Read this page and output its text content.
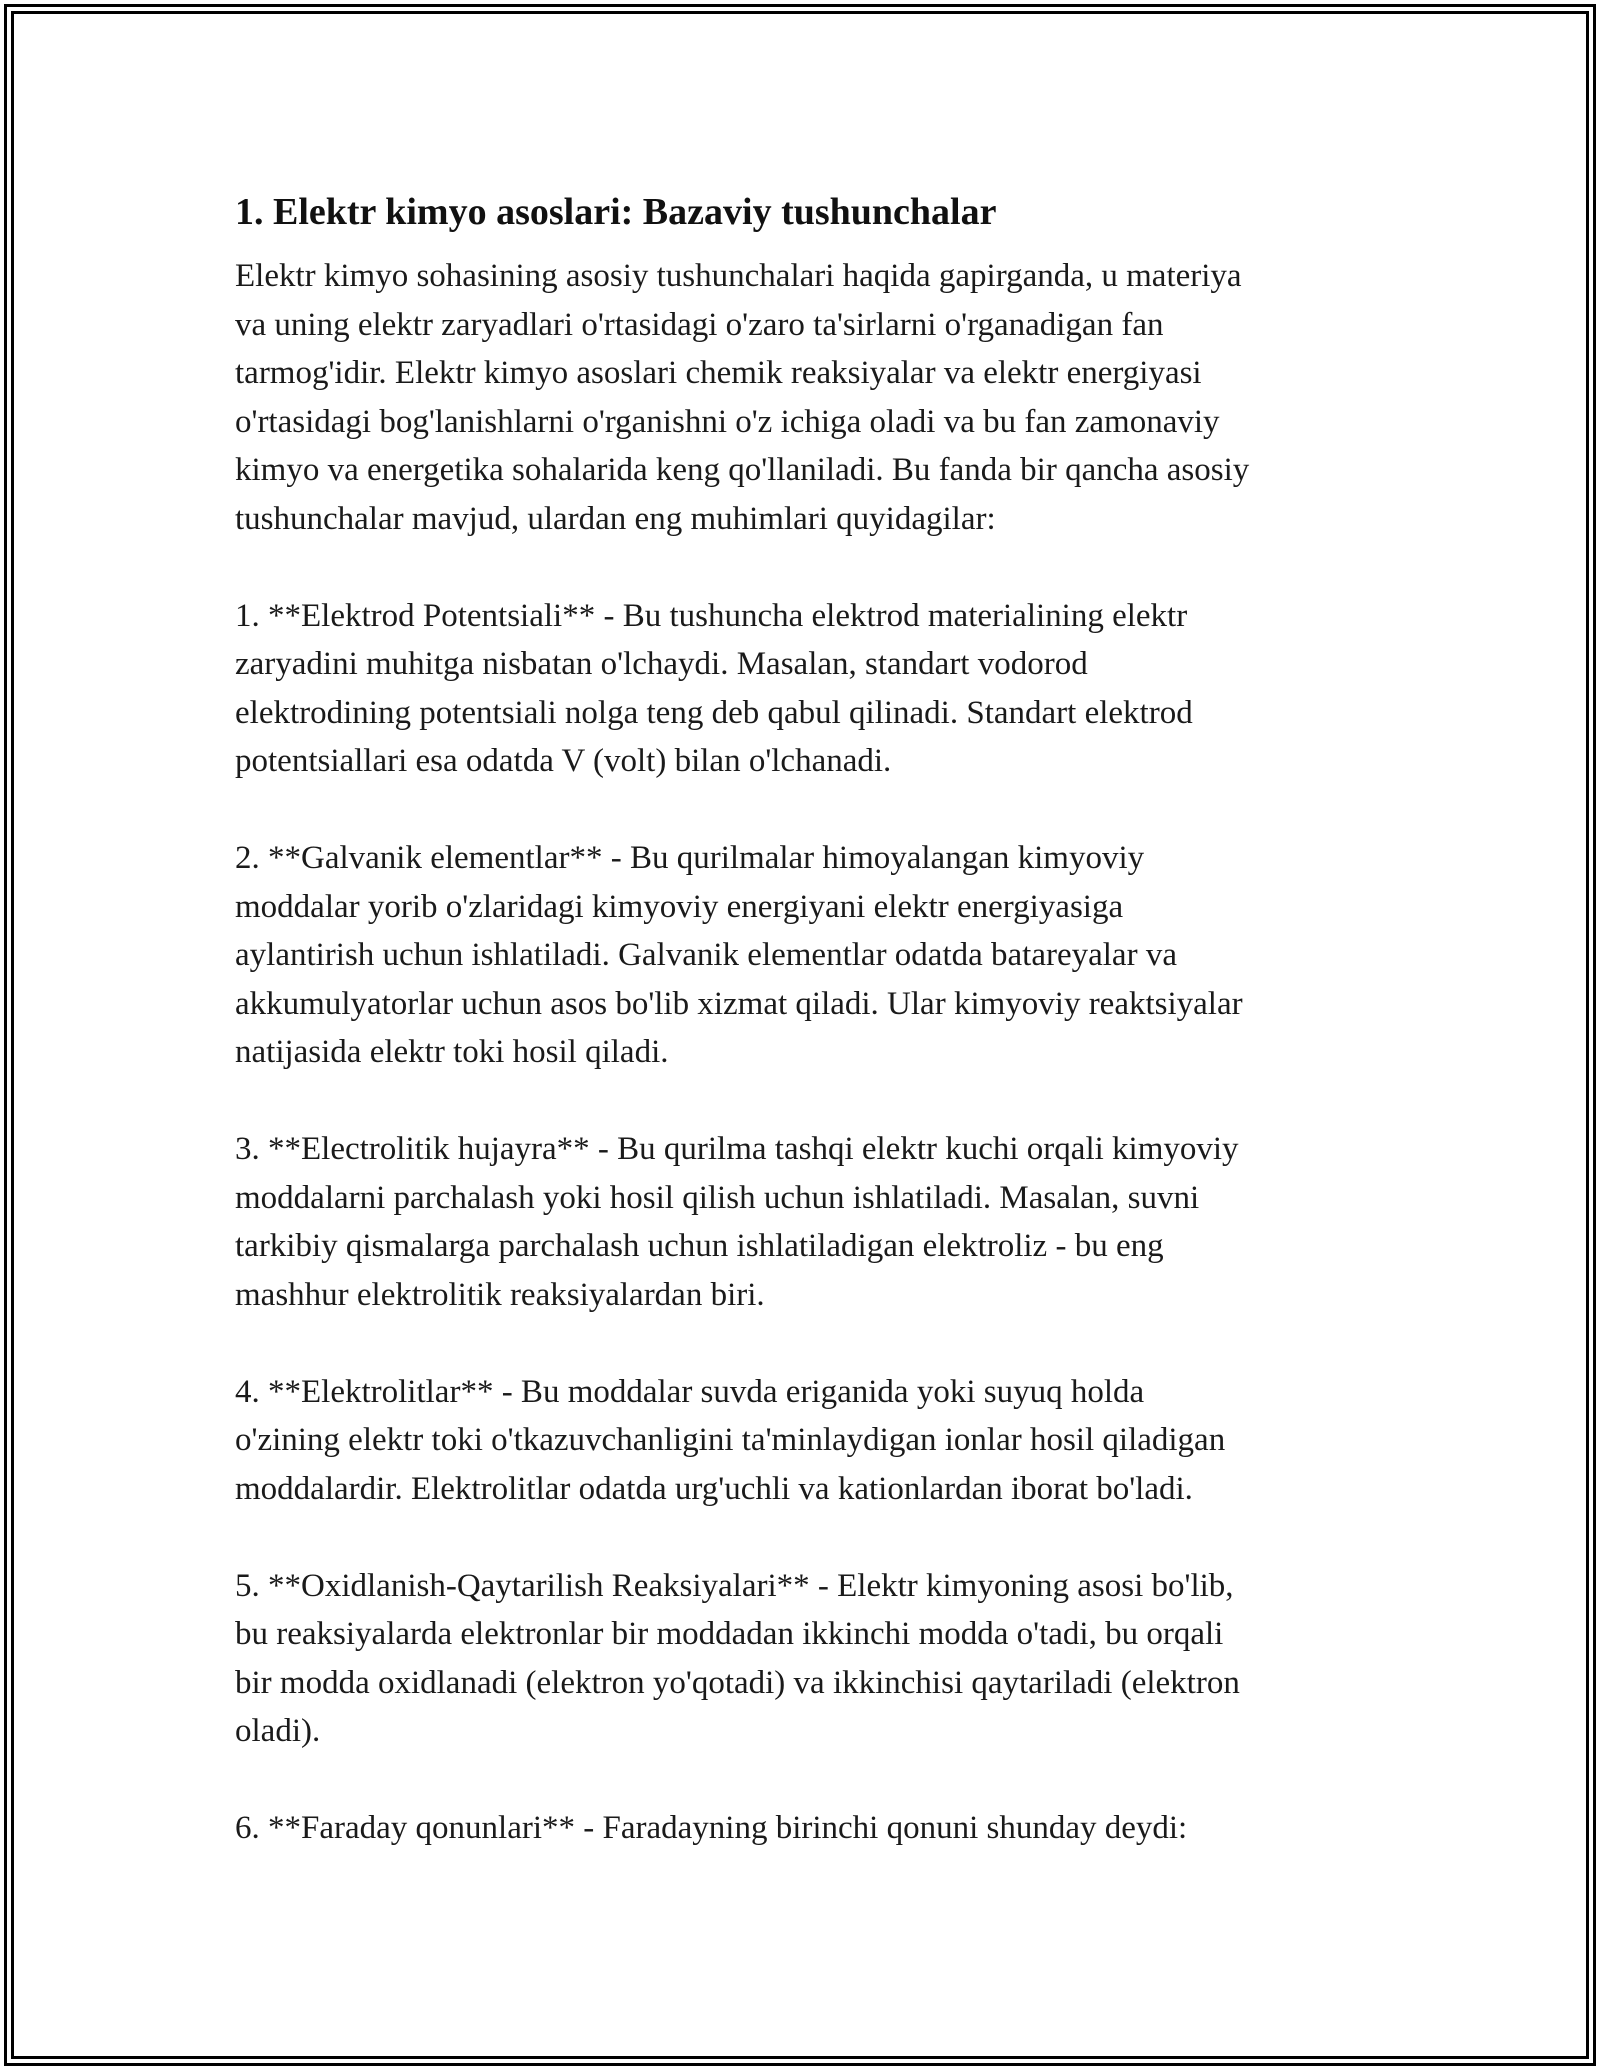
1. Elektr kimyo asoslari: Bazaviy tushunchalar

Elektr kimyo sohasining asosiy tushunchalari haqida gapirganda, u materiya
va uning elektr zaryadlari o'rtasidagi o'zaro ta'sirlarni o'rganadigan fan
tarmog'idir. Elektr kimyo asoslari chemik reaksiyalar va elektr energiyasi
o'rtasidagi bog'lanishlarni o'rganishni o'z ichiga oladi va bu fan zamonaviy
kimyo va energetika sohalarida keng qo'llaniladi. Bu fanda bir qancha asosiy
tushunchalar mavjud, ulardan eng muhimlari quyidagilar:

1. **Elektrod Potentsiali** - Bu tushuncha elektrod materialining elektr
zaryadini muhitga nisbatan o'lchaydi. Masalan, standart vodorod
elektrodining potentsiali nolga teng deb qabul qilinadi. Standart elektrod
potentsiallari esa odatda V (volt) bilan o'lchanadi.

2. **Galvanik elementlar** - Bu qurilmalar himoyalangan kimyoviy
moddalar yorib o'zlaridagi kimyoviy energiyani elektr energiyasiga
aylantirish uchun ishlatiladi. Galvanik elementlar odatda batareyalar va
akkumulyatorlar uchun asos bo'lib xizmat qiladi. Ular kimyoviy reaktsiyalar
natijasida elektr toki hosil qiladi.

3. **Electrolitik hujayra** - Bu qurilma tashqi elektr kuchi orqali kimyoviy
moddalarni parchalash yoki hosil qilish uchun ishlatiladi. Masalan, suvni
tarkibiy qismalarga parchalash uchun ishlatiladigan elektroliz - bu eng
mashhur elektrolitik reaksiyalardan biri.

4. **Elektrolitlar** - Bu moddalar suvda eriganida yoki suyuq holda
o'zining elektr toki o'tkazuvchanligini ta'minlaydigan ionlar hosil qiladigan
moddalardir. Elektrolitlar odatda urg'uchli va kationlardan iborat bo'ladi.

5. **Oxidlanish-Qaytarilish Reaksiyalari** - Elektr kimyoning asosi bo'lib,
bu reaksiyalarda elektronlar bir moddadan ikkinchi modda o'tadi, bu orqali
bir modda oxidlanadi (elektron yo'qotadi) va ikkinchisi qaytariladi (elektron
oladi).

6. **Faraday qonunlari** - Faradayning birinchi qonuni shunday deydi:
